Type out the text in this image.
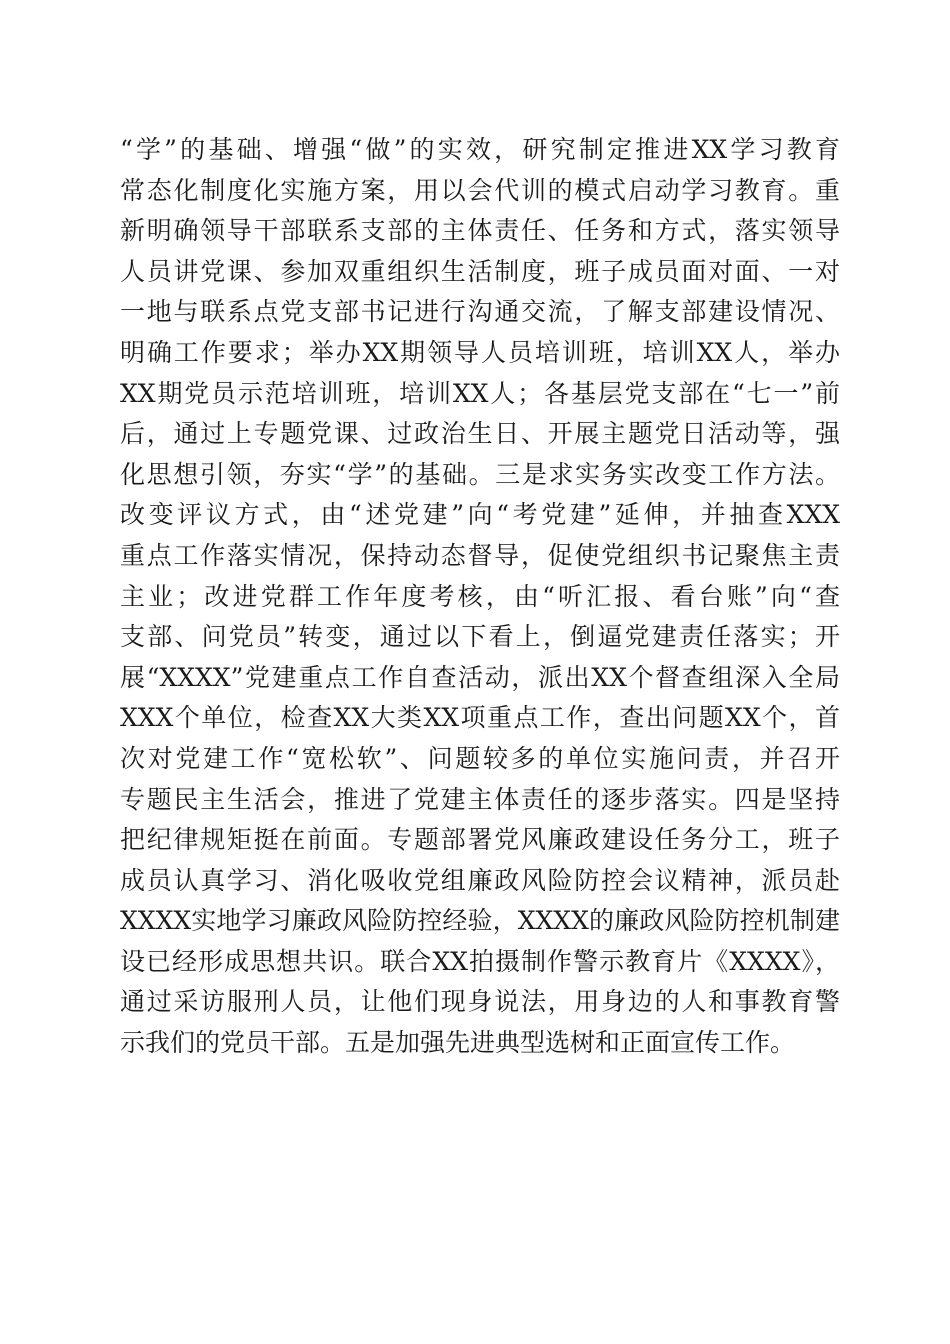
“学”的基础、增强“做”的实效，研究制定推进XX学习教育
常态化制度化实施方案，用以会代训的模式启动学习教育。重
新明确领导干部联系支部的主体责任、任务和方式，落实领导
人员讲党课、参加双重组织生活制度，班子成员面对面、一对
一地与联系点党支部书记进行沟通交流，了解支部建设情况、
明确工作要求；举办XX期领导人员培训班，培训XX人，举办
XX期党员示范培训班，培训XX人；各基层党支部在“七一”前
后，通过上专题党课、过政治生日、开展主题党日活动等，强
化思想引领，夯实“学”的基础。三是求实务实改变工作方法。
改变评议方式，由“述党建”向“考党建”延伸，并抽查XXX
重点工作落实情况，保持动态督导，促使党组织书记聚焦主责
主业；改进党群工作年度考核，由“听汇报、看台账”向“查
支部、问党员”转变，通过以下看上，倒逼党建责任落实；开
展“XXXX”党建重点工作自查活动，派出XX个督查组深入全局
XXX个单位，检查XX大类XX项重点工作，查出问题XX个，首
次对党建工作“宽松软”、问题较多的单位实施问责，并召开
专题民主生活会，推进了党建主体责任的逐步落实。四是坚持
把纪律规矩挺在前面。专题部署党风廉政建设任务分工，班子
成员认真学习、消化吸收党组廉政风险防控会议精神，派员赴
XXXX实地学习廉政风险防控经验，XXXX的廉政风险防控机制建
设已经形成思想共识。联合XX拍摄制作警示教育片《XXXX》，
通过采访服刑人员，让他们现身说法，用身边的人和事教育警
示我们的党员干部。五是加强先进典型选树和正面宣传工作。
